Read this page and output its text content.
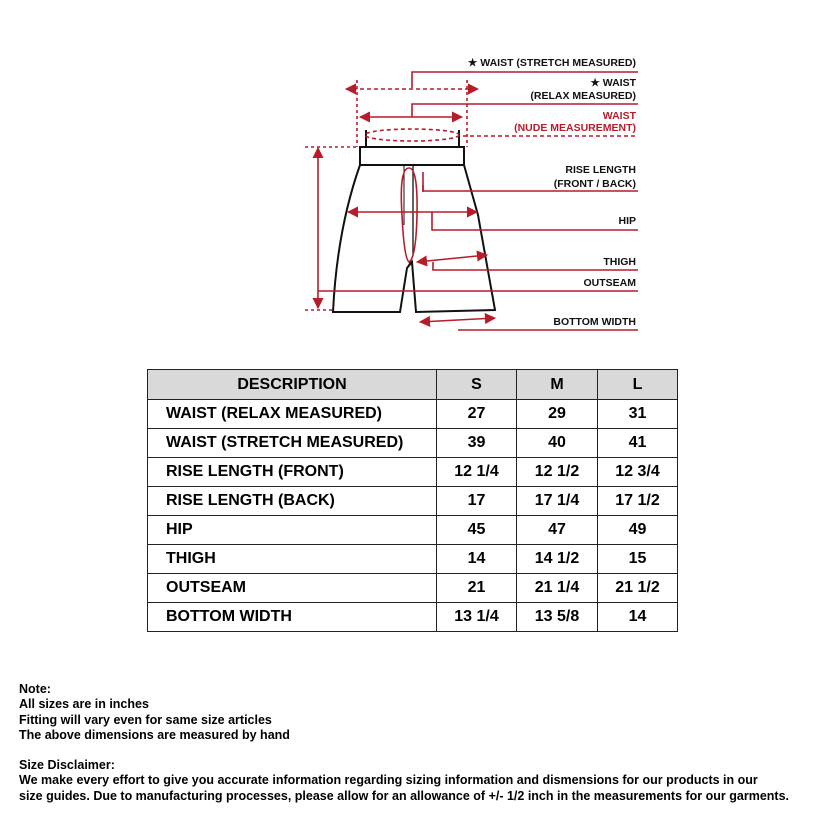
★ WAIST (STRETCH MEASURED)
★ WAIST
(RELAX MEASURED)
WAIST
(NUDE MEASUREMENT)
RISE LENGTH
(FRONT / BACK)
HIP
THIGH
OUTSEAM
BOTTOM WIDTH
DESCRIPTION	S	M	L
WAIST (RELAX MEASURED)	27	29	31
WAIST (STRETCH MEASURED)	39	40	41
RISE LENGTH (FRONT)	12 1/4	12 1/2	12 3/4
RISE LENGTH (BACK)	17	17 1/4	17 1/2
HIP	45	47	49
THIGH	14	14 1/2	15
OUTSEAM	21	21 1/4	21 1/2
BOTTOM WIDTH	13 1/4	13 5/8	14
Note:
All sizes are in inches
Fitting will vary even for same size articles
The above dimensions are measured by hand
Size Disclaimer:
We make every effort to give you accurate information regarding sizing information and dismensions for our products in our
size guides. Due to manufacturing processes, please allow for an allowance of +/- 1/2 inch in the measurements for our garments.
